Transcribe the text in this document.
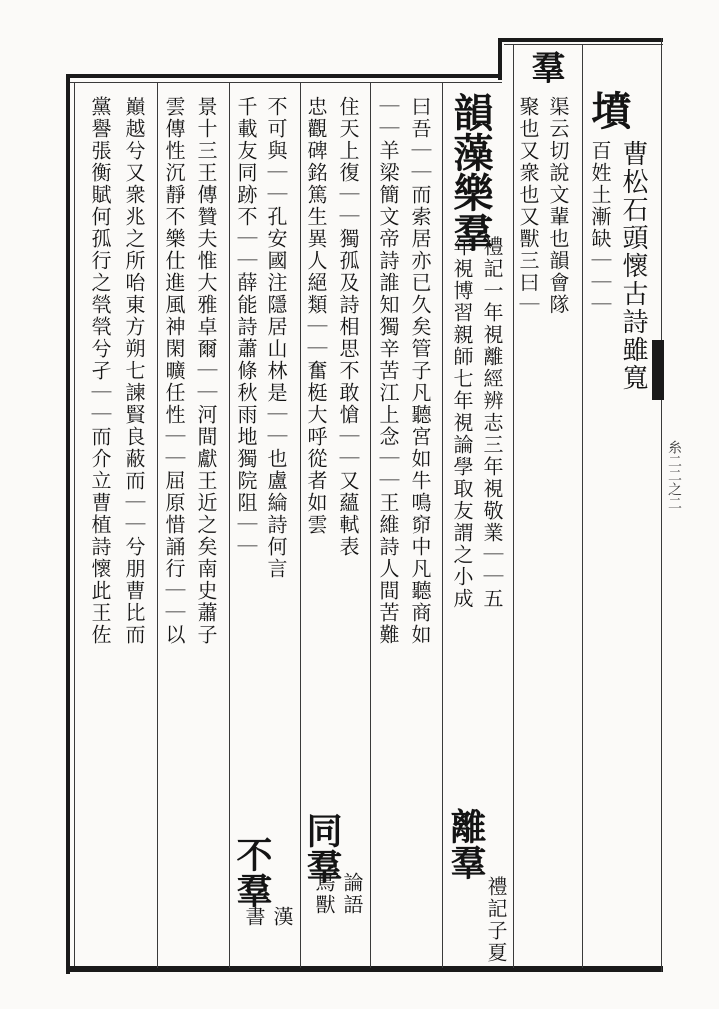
糸二二之二
墳
曹松石頭懷古詩雖寬
百姓土漸缺｜｜｜
羣
渠云切說文輩也韻會隊
聚也又衆也又獸三曰｜
韻藻樂羣
禮記一年視離經辨志三年視敬業｜｜五
年視博習親師七年視論學取友謂之小成
離羣
禮記子夏
曰吾｜｜而索居亦已久矣管子凡聽宮如牛鳴窌中凡聽商如
｜｜羊梁簡文帝詩誰知獨辛苦江上念｜｜王維詩人間苦難
住天上復｜｜獨孤及詩相思不敢愴｜｜又蘊軾表
忠觀碑銘篤生異人絕類｜｜奮梃大呼從者如雲
同羣
論語
鳥獸
不可與｜｜孔安國注隱居山林是｜｜也盧綸詩何言
千載友同跡不｜｜薛能詩蕭條秋雨地獨院阻｜｜
不羣
漢
書
景十三王傳贊夫惟大雅卓爾｜｜河間獻王近之矣南史蕭子
雲傳性沉靜不樂仕進風神閑曠任性｜｜屈原惜誦行｜｜以
巔越兮又衆兆之所咍東方朔七諫賢良蔽而｜｜兮朋曹比而
黨譽張衡賦何孤行之煢煢兮孑｜｜而介立曹植詩懷此王佐
